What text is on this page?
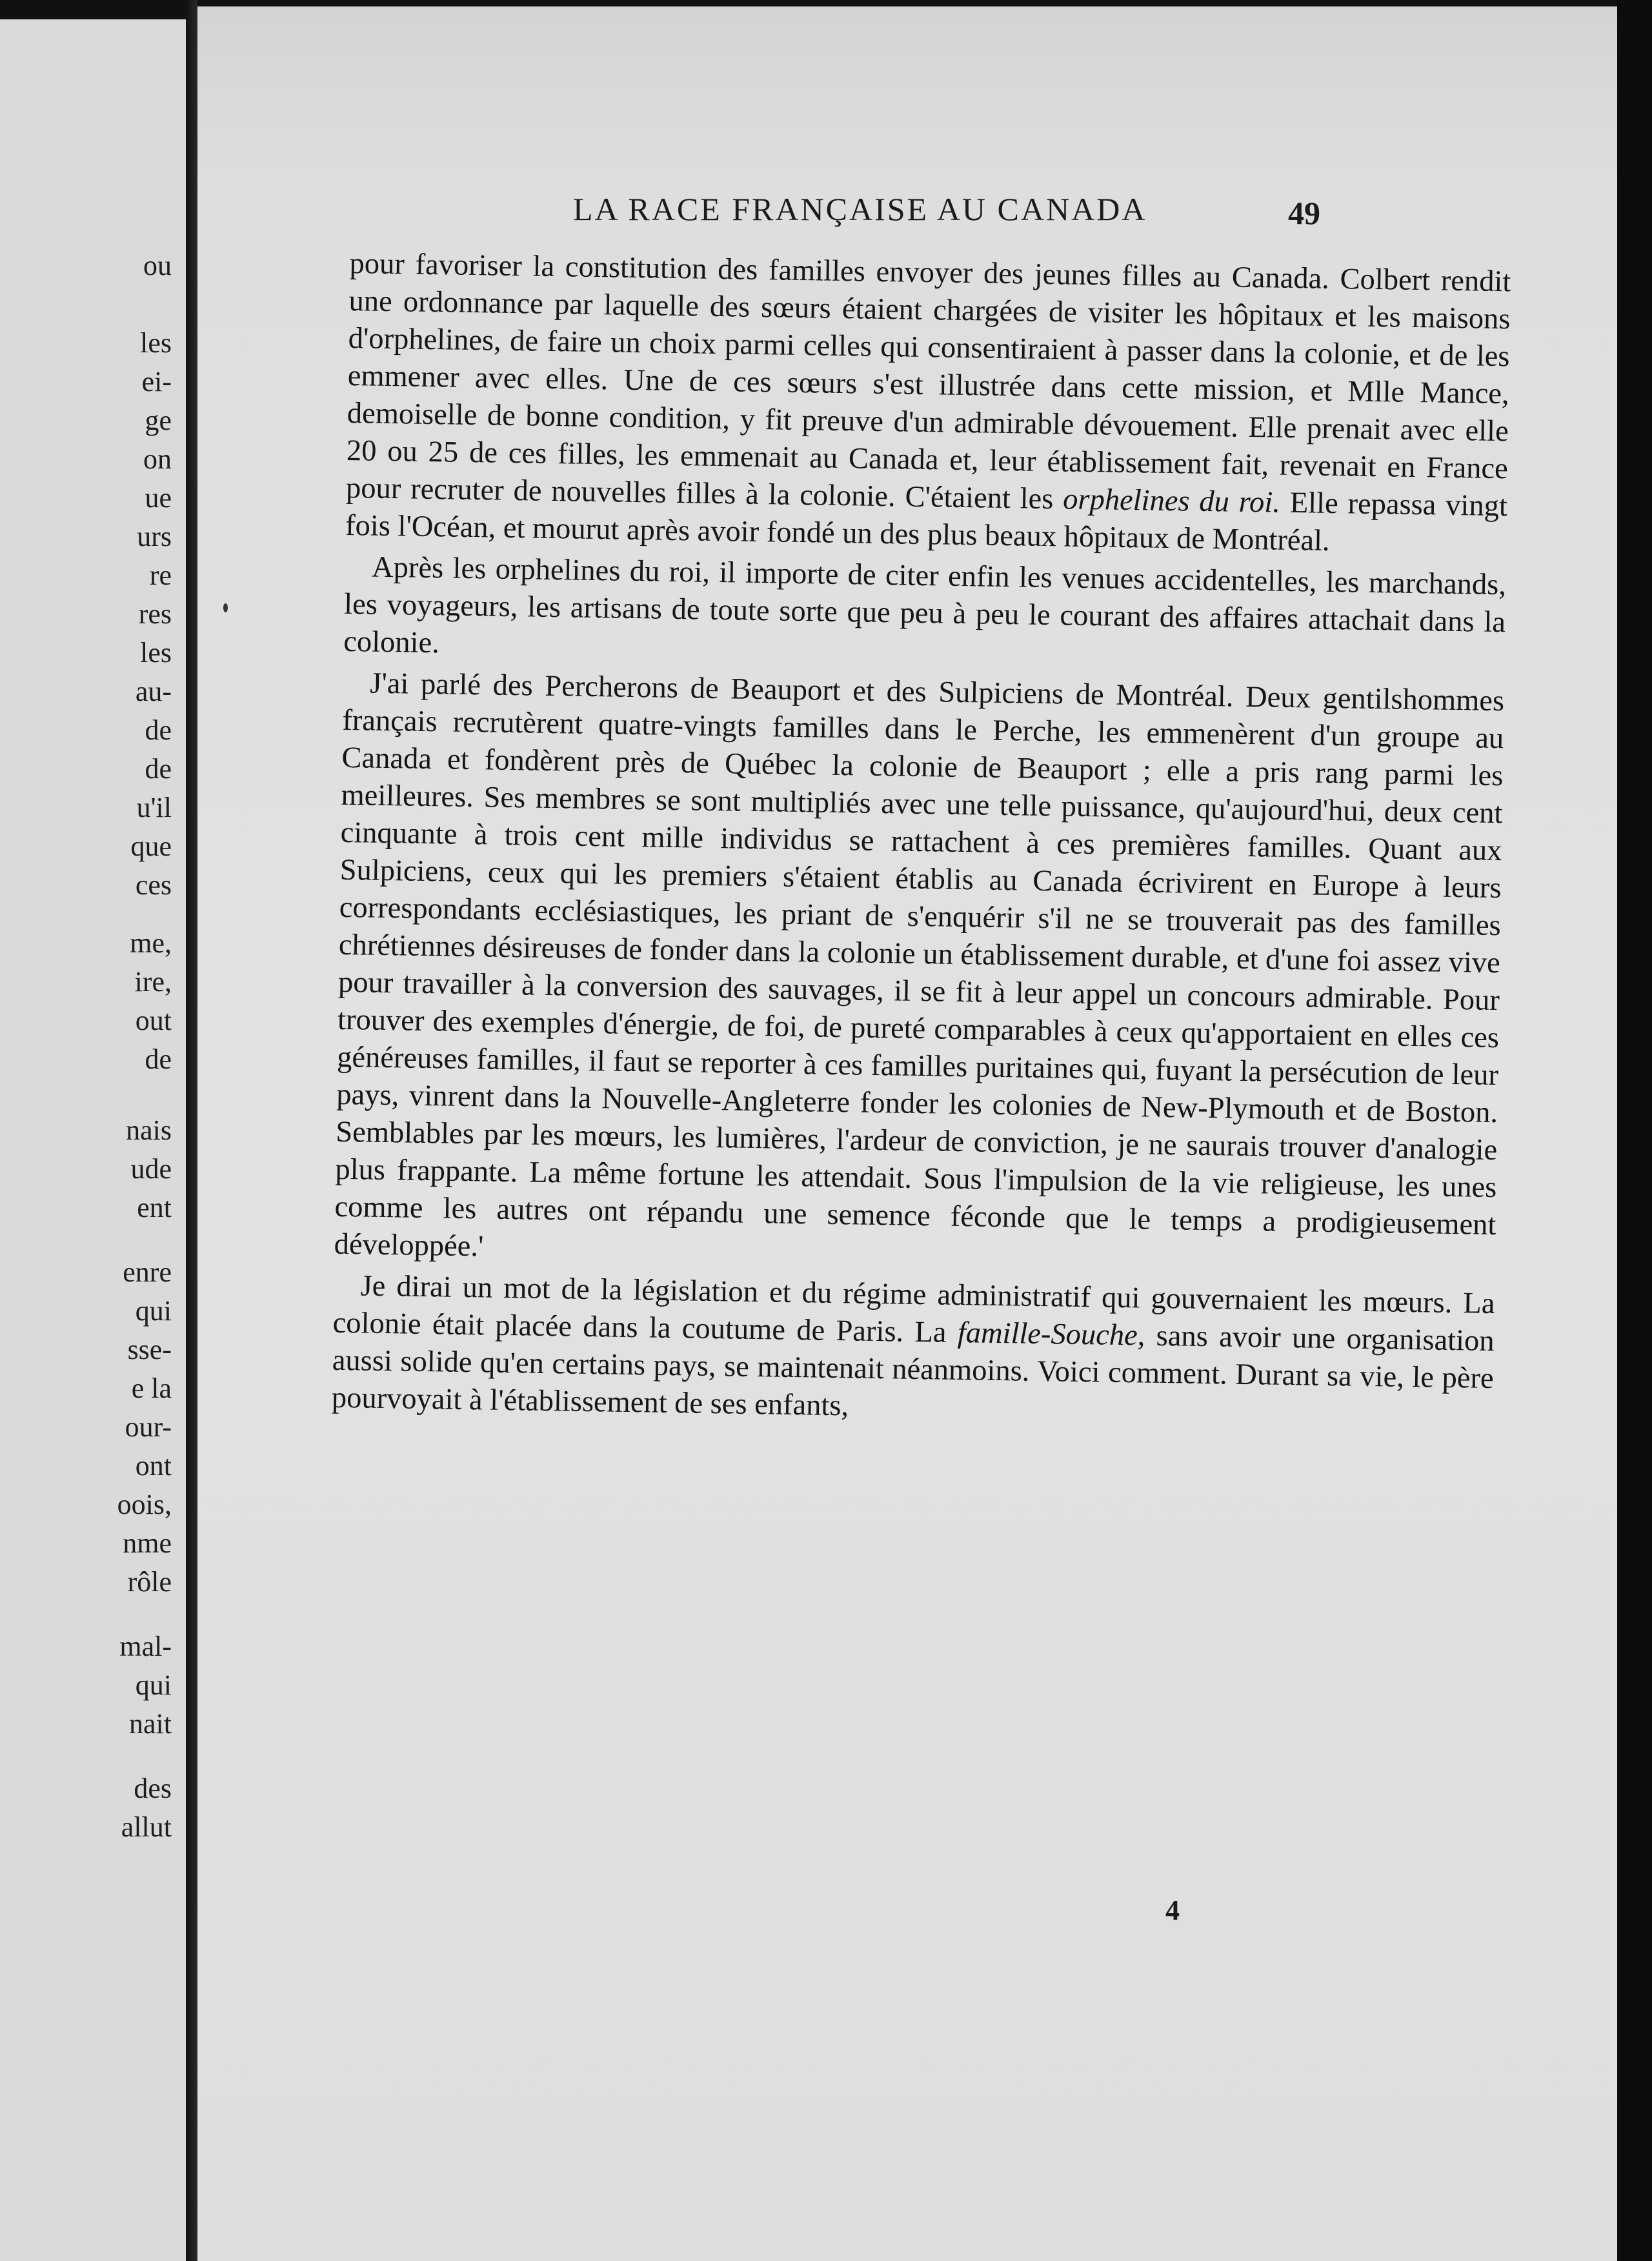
ou
les
ei-
ge
on
ue
urs
re
res
les
au-
de
de
u'il
que
ces
me,
ire,
out
de
nais
ude
ent
enre
qui
sse-
e la
our-
ont
oois,
nme
rôle
mal-
qui
nait
des
allut
LA RACE FRANÇAISE AU CANADA	49

pour favoriser la constitution des familles envoyer des jeunes filles au Canada. Colbert rendit une ordonnance par laquelle des sœurs étaient chargées de visiter les hôpitaux et les maisons d'orphelines, de faire un choix parmi celles qui consentiraient à passer dans la colonie, et de les emmener avec elles. Une de ces sœurs s'est illustrée dans cette mission, et Mlle Mance, demoiselle de bonne condition, y fit preuve d'un admirable dévouement. Elle prenait avec elle 20 ou 25 de ces filles, les emmenait au Canada et, leur établissement fait, revenait en France pour recruter de nouvelles filles à la colonie. C'étaient les orphelines du roi. Elle repassa vingt fois l'Océan, et mourut après avoir fondé un des plus beaux hôpitaux de Montréal.

Après les orphelines du roi, il importe de citer enfin les venues accidentelles, les marchands, les voyageurs, les artisans de toute sorte que peu à peu le courant des affaires attachait dans la colonie.

J'ai parlé des Percherons de Beauport et des Sulpiciens de Montréal. Deux gentilshommes français recrutèrent quatre-vingts familles dans le Perche, les emmenèrent d'un groupe au Canada et fondèrent près de Québec la colonie de Beauport ; elle a pris rang parmi les meilleures. Ses membres se sont multipliés avec une telle puissance, qu'aujourd'hui, deux cent cinquante à trois cent mille individus se rattachent à ces premières familles. Quant aux Sulpiciens, ceux qui les premiers s'étaient établis au Canada écrivirent en Europe à leurs correspondants ecclésiastiques, les priant de s'enquérir s'il ne se trouverait pas des familles chrétiennes désireuses de fonder dans la colonie un établissement durable, et d'une foi assez vive pour travailler à la conversion des sauvages, il se fit à leur appel un concours admirable. Pour trouver des exemples d'énergie, de foi, de pureté comparables à ceux qu'apportaient en elles ces généreuses familles, il faut se reporter à ces familles puritaines qui, fuyant la persécution de leur pays, vinrent dans la Nouvelle-Angleterre fonder les colonies de New-Plymouth et de Boston. Semblables par les mœurs, les lumières, l'ardeur de conviction, je ne saurais trouver d'analogie plus frappante. La même fortune les attendait. Sous l'impulsion de la vie religieuse, les unes comme les autres ont répandu une semence féconde que le temps a prodigieusement développée.'

Je dirai un mot de la législation et du régime administratif qui gouvernaient les mœurs. La colonie était placée dans la coutume de Paris. La famille-Souche, sans avoir une organisation aussi solide qu'en certains pays, se maintenait néanmoins. Voici comment. Durant sa vie, le père pourvoyait à l'établissement de ses enfants,

4
